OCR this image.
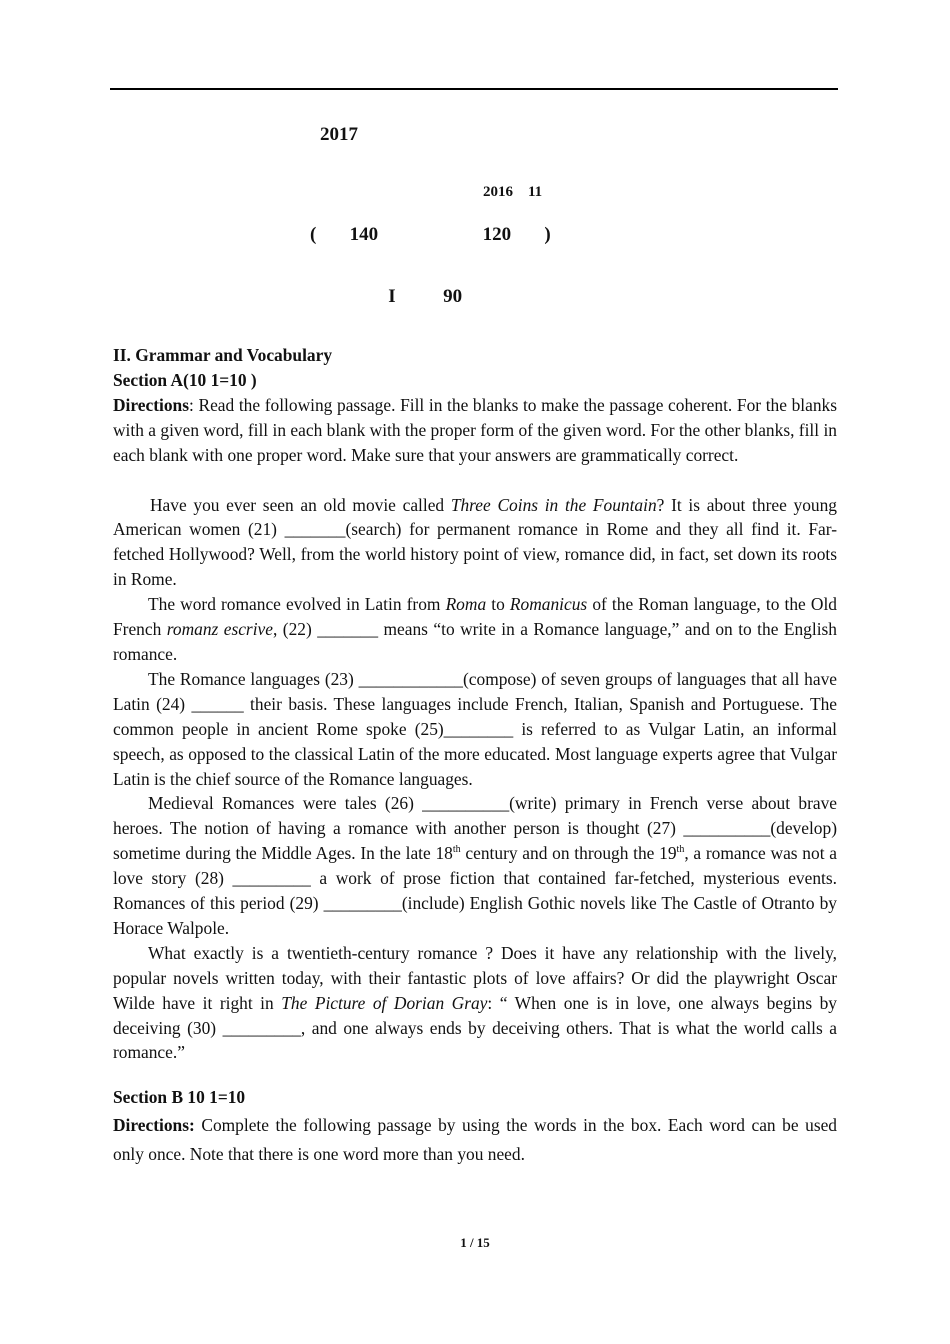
2017
2016    11
(       140                      120       )
I          90
II. Grammar and Vocabulary
Section A(10 1=10 )
Directions: Read the following passage. Fill in the blanks to make the passage coherent. For the blanks with a given word, fill in each blank with the proper form of the given word. For the other blanks, fill in each blank with one proper word. Make sure that your answers are grammatically correct.
Have you ever seen an old movie called Three Coins in the Fountain? It is about three young American women (21) _______(search) for permanent romance in Rome and they all find it. Far-fetched Hollywood? Well, from the world history point of view, romance did, in fact, set down its roots in Rome.
The word romance evolved in Latin from Roma to Romanicus of the Roman language, to the Old French romanz escrive, (22) _______ means “to write in a Romance language,” and on to the English romance.
The Romance languages (23) ____________(compose) of seven groups of languages that all have Latin (24) ______ their basis. These languages include French, Italian, Spanish and Portuguese. The common people in ancient Rome spoke (25)________ is referred to as Vulgar Latin, an informal speech, as opposed to the classical Latin of the more educated. Most language experts agree that Vulgar Latin is the chief source of the Romance languages.
Medieval Romances were tales (26) __________(write) primary in French verse about brave heroes. The notion of having a romance with another person is thought (27) __________(develop) sometime during the Middle Ages. In the late 18th century and on through the 19th, a romance was not a love story (28) _________ a work of prose fiction that contained far-fetched, mysterious events. Romances of this period (29) _________(include) English Gothic novels like The Castle of Otranto by Horace Walpole.
What exactly is a twentieth-century romance ? Does it have any relationship with the lively, popular novels written today, with their fantastic plots of love affairs? Or did the playwright Oscar Wilde have it right in The Picture of Dorian Gray: “ When one is in love, one always begins by deceiving (30) _________, and one always ends by deceiving others. That is what the world calls a romance.”
Section B 10 1=10
Directions: Complete the following passage by using the words in the box. Each word can be used only once. Note that there is one word more than you need.
1 / 15
